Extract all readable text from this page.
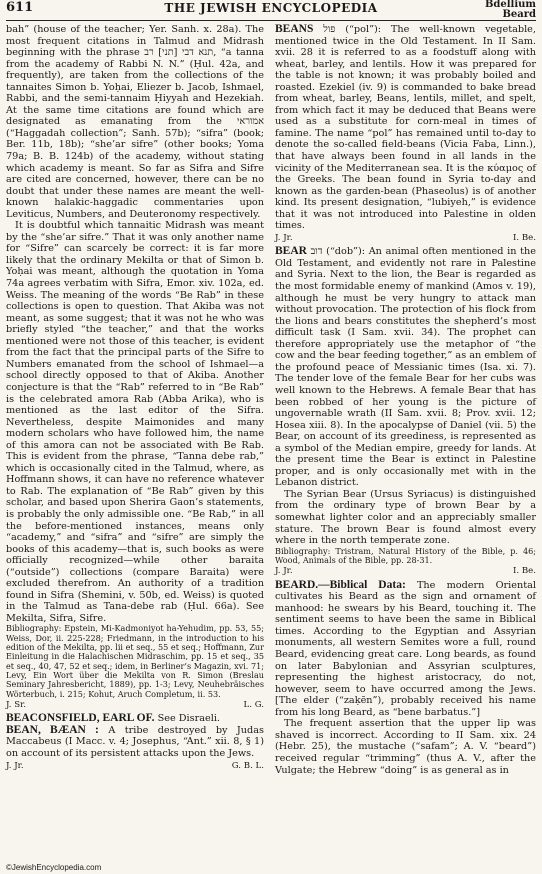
611	THE JEWISH ENCYCLOPEDIA	Bdellium
Beard

bah” (house of the teacher; Yer. Sanh. x. 28a). The most frequent citations in Talmud and Midrash beginning with the phrase תנא דבי [תני] רב, “a tanna from the academy of Rabbi N. N.” (Ḥul. 42a, and frequently), are taken from the collections of the tannaites Simon b. Yoḥai, Eliezer b. Jacob, Ishmael, Rabbi, and the semi-tannaim Ḥiyyah and Hezekiah. At the same time citations are found which are designated as emanating from the אמוראי (“Haggadah collection”; Sanh. 57b); “sifra” (book; Ber. 11b, 18b); “she’ar sifre” (other books; Yoma 79a; B. B. 124b) of the academy, without stating which academy is meant. So far as Sifra and Sifre are cited are concerned, however, there can be no doubt that under these names are meant the well-known halakic-haggadic commentaries upon Leviticus, Numbers, and Deuteronomy respectively.

It is doubtful which tannaitic Midrash was meant by the “she’ar sifre.” That it was only another name for “Sifre” can scarcely be correct: it is far more likely that the ordinary Mekilta or that of Simon b. Yoḥai was meant, although the quotation in Yoma 74a agrees verbatim with Sifra, Emor. xiv. 102a, ed. Weiss. The meaning of the words “Be Rab” in these collections is open to question. That Akiba was not meant, as some suggest; that it was not he who was briefly styled “the teacher,” and that the works mentioned were not those of this teacher, is evident from the fact that the principal parts of the Sifre to Numbers emanated from the school of Ishmael—a school directly opposed to that of Akiba. Another conjecture is that the “Rab” referred to in “Be Rab” is the celebrated amora Rab (Abba Arika), who is mentioned as the last editor of the Sifra. Nevertheless, despite Maimonides and many modern scholars who have followed him, the name of this amora can not be associated with Be Rab. This is evident from the phrase, “Tanna debe rab,” which is occasionally cited in the Talmud, where, as Hoffmann shows, it can have no reference whatever to Rab. The explanation of “Be Rab” given by this scholar, and based upon Sherira Gaon’s statements, is probably the only admissible one. “Be Rab,” in all the before-mentioned instances, means only “academy,” and “sifra” and “sifre” are simply the books of this academy—that is, such books as were officially recognized—while other baraita (“outside”) collections (compare Baraita) were excluded therefrom. An authority of a tradition found in Sifra (Shemini, v. 50b, ed. Weiss) is quoted in the Talmud as Tana-debe rab (Ḥul. 66a). See Mekilta, Sifra, Sifre.

Bibliography: Epstein, Mi-Kadmoniyot ha-Yehudim, pp. 53, 55; Weiss, Dor, ii. 225-228; Friedmann, in the introduction to his edition of the Mekilta, pp. lii et seq., 55 et seq.; Hoffmann, Zur Einleitung in die Halachischen Midraschim, pp. 15 et seq., 35 et seq., 40, 47, 52 et seq.; idem, in Berliner’s Magazin, xvi. 71; Levy, Ein Wort über die Mekilta von R. Simon (Breslau Seminary Jahresbericht, 1889), pp. 1-3; Levy, Neuhebräisches Wörterbuch, i. 215; Kohut, Aruch Completum, ii. 53.

J. Sr.	L. G.

BEACONSFIELD, EARL OF. See Disraeli.

BEAN, BÆAN : A tribe destroyed by Judas Maccabeus (I Macc. v. 4; Josephus, “Ant.” xii. 8, § 1) on account of its persistent attacks upon the Jews.

J. Jr.	G. B. L.

BEANS פול (“pol”): The well-known vegetable, mentioned twice in the Old Testament. In II Sam. xvii. 28 it is referred to as a foodstuff along with wheat, barley, and lentils. How it was prepared for the table is not known; it was probably boiled and roasted. Ezekiel (iv. 9) is commanded to bake bread from wheat, barley, Beans, lentils, millet, and spelt, from which fact it may be deduced that Beans were used as a substitute for corn-meal in times of famine. The name “pol” has remained until to-day to denote the so-called field-beans (Vicia Faba, Linn.), that have always been found in all lands in the vicinity of the Mediterranean sea. It is the κύαμος of the Greeks. The bean found in Syria to-day and known as the garden-bean (Phaseolus) is of another kind. Its present designation, “lubiyeh,” is evidence that it was not introduced into Palestine in olden times.

J. Jr.	I. Be.

BEAR דוב (“dob”): An animal often mentioned in the Old Testament, and evidently not rare in Palestine and Syria. Next to the lion, the Bear is regarded as the most formidable enemy of mankind (Amos v. 19), although he must be very hungry to attack man without provocation. The protection of his flock from the lions and bears constitutes the shepherd’s most difficult task (I Sam. xvii. 34). The prophet can therefore appropriately use the metaphor of “the cow and the bear feeding together,” as an emblem of the profound peace of Messianic times (Isa. xi. 7). The tender love of the female Bear for her cubs was well known to the Hebrews. A female Bear that has been robbed of her young is the picture of ungovernable wrath (II Sam. xvii. 8; Prov. xvii. 12; Hosea xiii. 8). In the apocalypse of Daniel (vii. 5) the Bear, on account of its greediness, is represented as a symbol of the Median empire, greedy for lands. At the present time the Bear is extinct in Palestine proper, and is only occasionally met with in the Lebanon district.

The Syrian Bear (Ursus Syriacus) is distinguished from the ordinary type of brown Bear by a somewhat lighter color and an appreciably smaller stature. The brown Bear is found almost every where in the north temperate zone.

Bibliography: Tristram, Natural History of the Bible, p. 46; Wood, Animals of the Bible, pp. 28-31.

J. Jr.	I. Be.

BEARD.—Biblical Data: The modern Oriental cultivates his Beard as the sign and ornament of manhood: he swears by his Beard, touching it. The sentiment seems to have been the same in Biblical times. According to the Egyptian and Assyrian monuments, all western Semites wore a full, round Beard, evidencing great care. Long beards, as found on later Babylonian and Assyrian sculptures, representing the highest aristocracy, do not, however, seem to have occurred among the Jews. [The elder (“zaḳēn”), probably received his name from his long Beard, as “bene barbatus.”]

The frequent assertion that the upper lip was shaved is incorrect. According to II Sam. xix. 24 (Hebr. 25), the mustache (“safam”; A. V. “beard”) received regular “trimming” (thus A. V., after the Vulgate; the Hebrew “doing” is as general as in

©JewishEncyclopedia.com
